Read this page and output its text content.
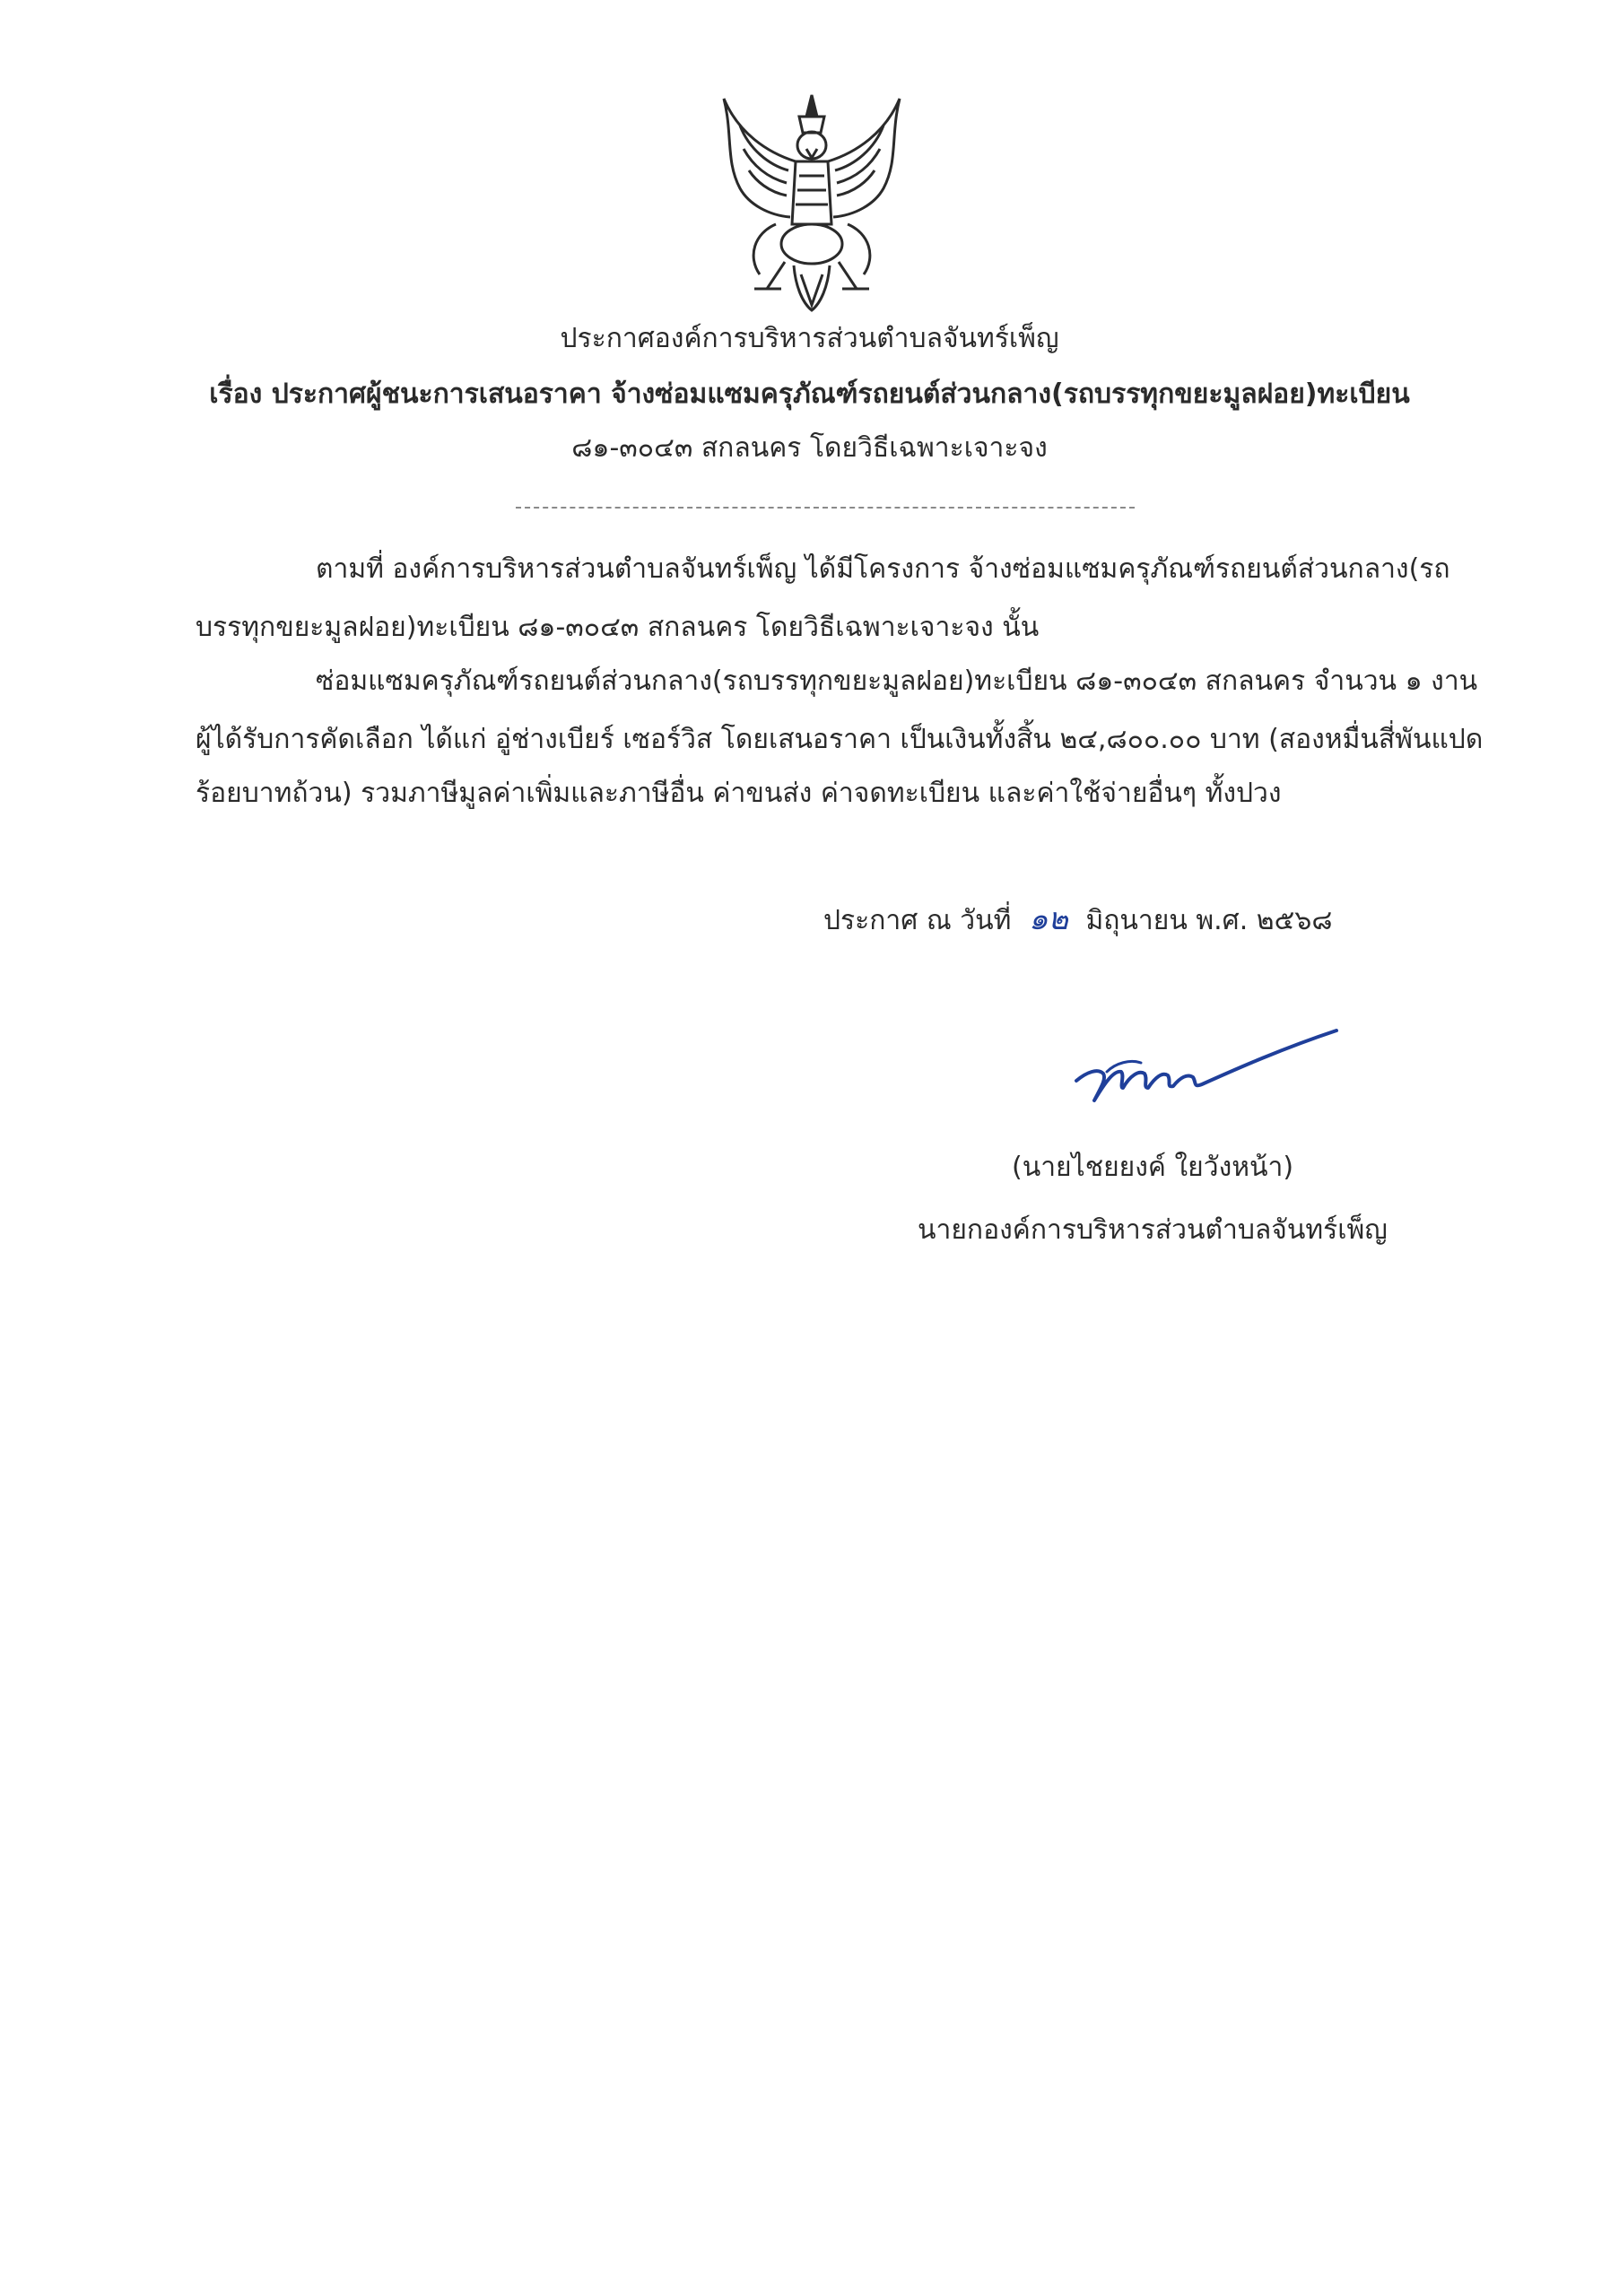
ประกาศองค์การบริหารส่วนตำบลจันทร์เพ็ญ
เรื่อง ประกาศผู้ชนะการเสนอราคา จ้างซ่อมแซมครุภัณฑ์รถยนต์ส่วนกลาง(รถบรรทุกขยะมูลฝอย)ทะเบียน
๘๑-๓๐๔๓ สกลนคร โดยวิธีเฉพาะเจาะจง
ตามที่ องค์การบริหารส่วนตำบลจันทร์เพ็ญ ได้มีโครงการ จ้างซ่อมแซมครุภัณฑ์รถยนต์ส่วนกลาง(รถ
บรรทุกขยะมูลฝอย)ทะเบียน ๘๑-๓๐๔๓ สกลนคร โดยวิธีเฉพาะเจาะจง นั้น
ซ่อมแซมครุภัณฑ์รถยนต์ส่วนกลาง(รถบรรทุกขยะมูลฝอย)ทะเบียน ๘๑-๓๐๔๓ สกลนคร จำนวน ๑ งาน
ผู้ได้รับการคัดเลือก ได้แก่ อู่ช่างเบียร์ เซอร์วิส โดยเสนอราคา เป็นเงินทั้งสิ้น ๒๔,๘๐๐.๐๐ บาท (สองหมื่นสี่พันแปด
ร้อยบาทถ้วน) รวมภาษีมูลค่าเพิ่มและภาษีอื่น ค่าขนส่ง ค่าจดทะเบียน และค่าใช้จ่ายอื่นๆ ทั้งปวง
ประกาศ ณ วันที่ ๑๒ มิถุนายน พ.ศ. ๒๕๖๘
(นายไชยยงค์ ใยวังหน้า)
นายกองค์การบริหารส่วนตำบลจันทร์เพ็ญ
